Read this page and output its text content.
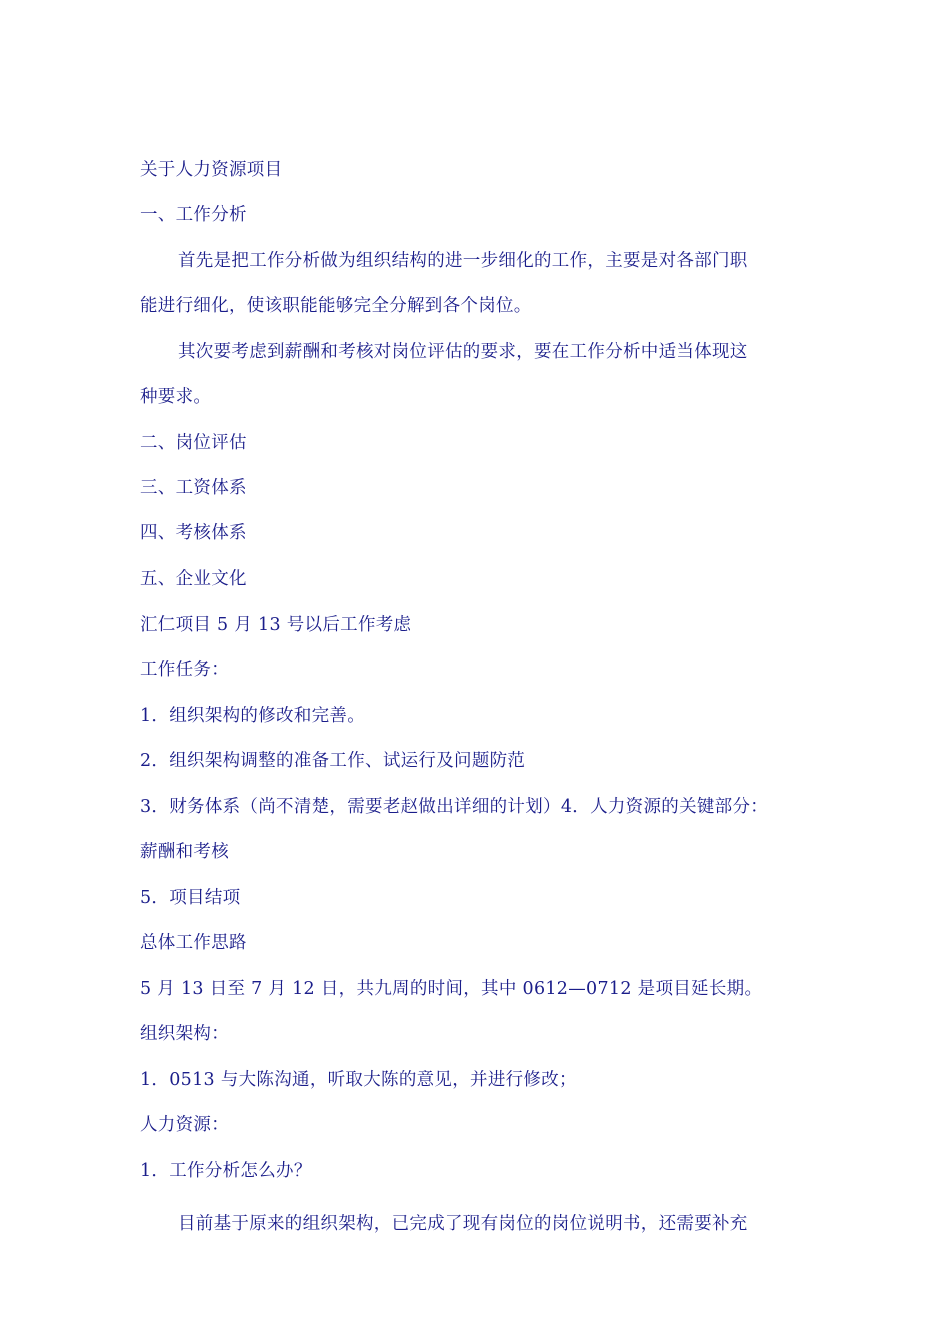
关于人力资源项目
一、工作分析
首先是把工作分析做为组织结构的进一步细化的工作，主要是对各部门职
能进行细化，使该职能能够完全分解到各个岗位。
其次要考虑到薪酬和考核对岗位评估的要求，要在工作分析中适当体现这
种要求。
二、岗位评估
三、工资体系
四、考核体系
五、企业文化
汇仁项目 5 月 13 号以后工作考虑
工作任务：
1．组织架构的修改和完善。
2．组织架构调整的准备工作、试运行及问题防范
3．财务体系（尚不清楚，需要老赵做出详细的计划）4．人力资源的关键部分：
薪酬和考核
5．项目结项
总体工作思路
5 月 13 日至 7 月 12 日，共九周的时间，其中 0612—0712 是项目延长期。
组织架构：
1．0513 与大陈沟通，听取大陈的意见，并进行修改；
人力资源：
1．工作分析怎么办？
目前基于原来的组织架构，已完成了现有岗位的岗位说明书，还需要补充
